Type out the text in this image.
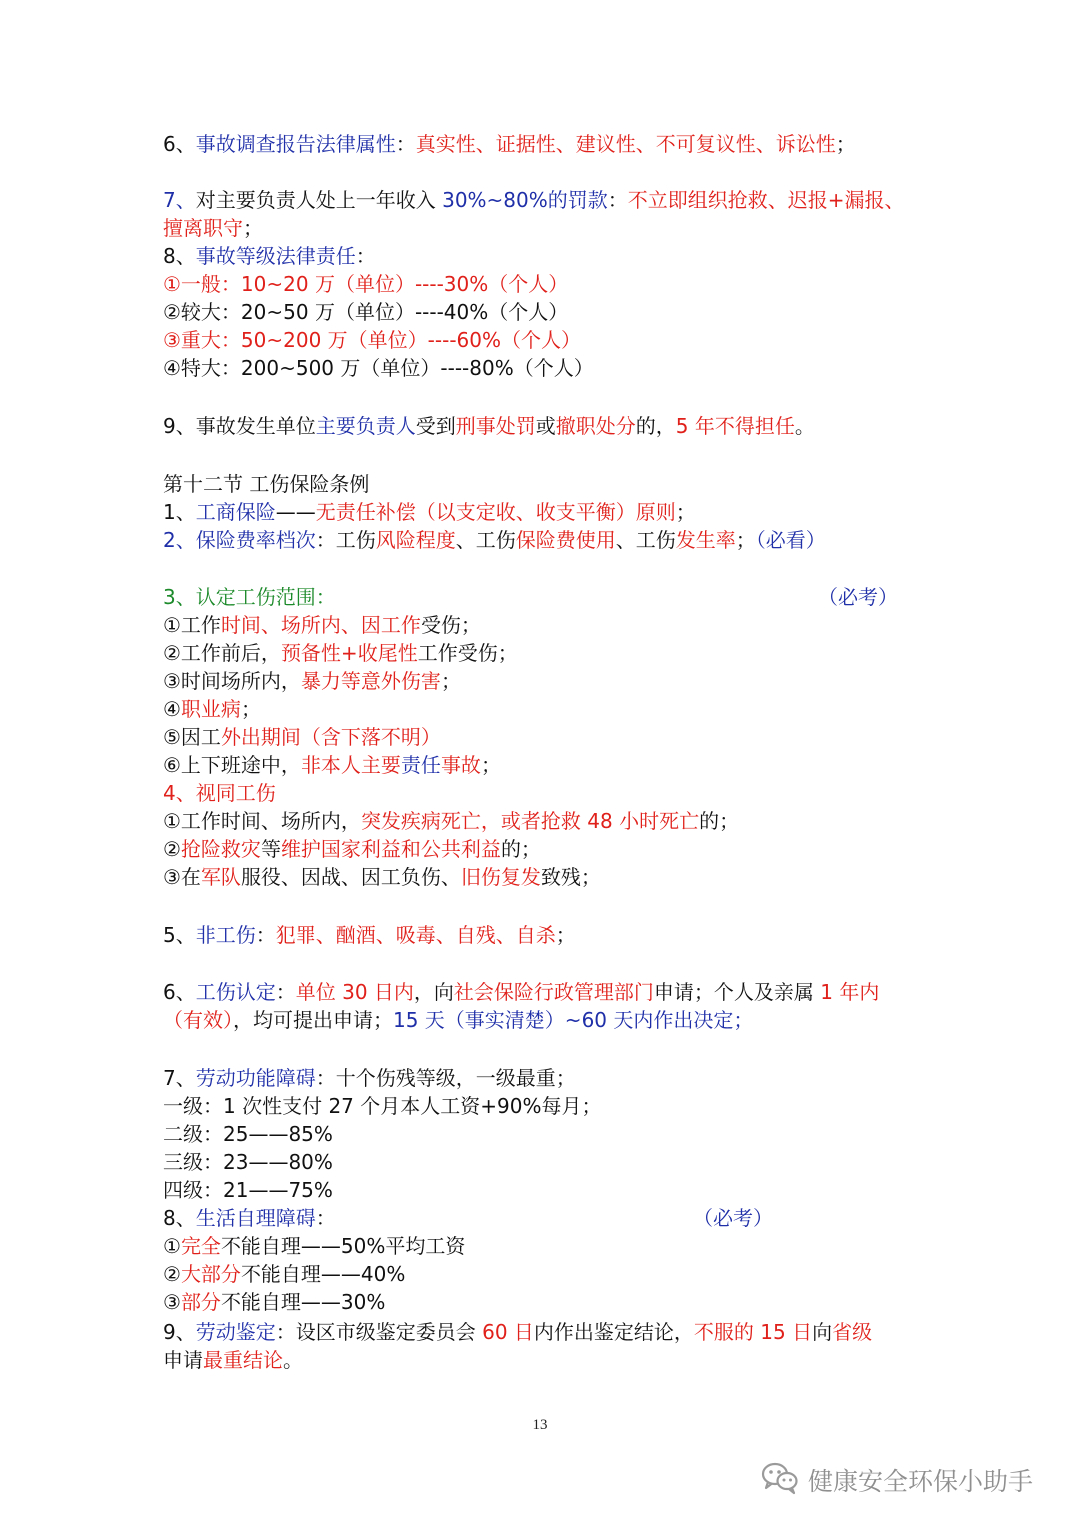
6、事故调查报告法律属性：真实性、证据性、建议性、不可复议性、诉讼性；
7、对主要负责人处上一年收入 30%~80%的罚款：不立即组织抢救、迟报+漏报、
擅离职守；
8、事故等级法律责任：
①一般：10~20 万（单位）----30%（个人）
②较大：20~50 万（单位）----40%（个人）
③重大：50~200 万（单位）----60%（个人）
④特大：200~500 万（单位）----80%（个人）
9、事故发生单位主要负责人受到刑事处罚或撤职处分的，5 年不得担任。
第十二节 工伤保险条例
1、工商保险——无责任补偿（以支定收、收支平衡）原则；
2、保险费率档次：工伤风险程度、工伤保险费使用、工伤发生率；（必看）
3、认定工伤范围：	（必考）
①工作时间、场所内、因工作受伤；
②工作前后，预备性+收尾性工作受伤；
③时间场所内，暴力等意外伤害；
④职业病；
⑤因工外出期间（含下落不明）
⑥上下班途中，非本人主要责任事故；
4、视同工伤
①工作时间、场所内，突发疾病死亡，或者抢救 48 小时死亡的；
②抢险救灾等维护国家利益和公共利益的；
③在军队服役、因战、因工负伤、旧伤复发致残；
5、非工伤：犯罪、酗酒、吸毒、自残、自杀；
6、工伤认定：单位 30 日内，向社会保险行政管理部门申请；个人及亲属 1 年内
（有效），均可提出申请；15 天（事实清楚）~60 天内作出决定；
7、劳动功能障碍：十个伤残等级，一级最重；
一级：1 次性支付 27 个月本人工资+90%每月；
二级：25——85%
三级：23——80%
四级：21——75%
8、生活自理障碍：	（必考）
①完全不能自理——50%平均工资
②大部分不能自理——40%
③部分不能自理——30%
9、劳动鉴定：设区市级鉴定委员会 60 日内作出鉴定结论，不服的 15 日向省级
申请最重结论。
13
健康安全环保小助手
